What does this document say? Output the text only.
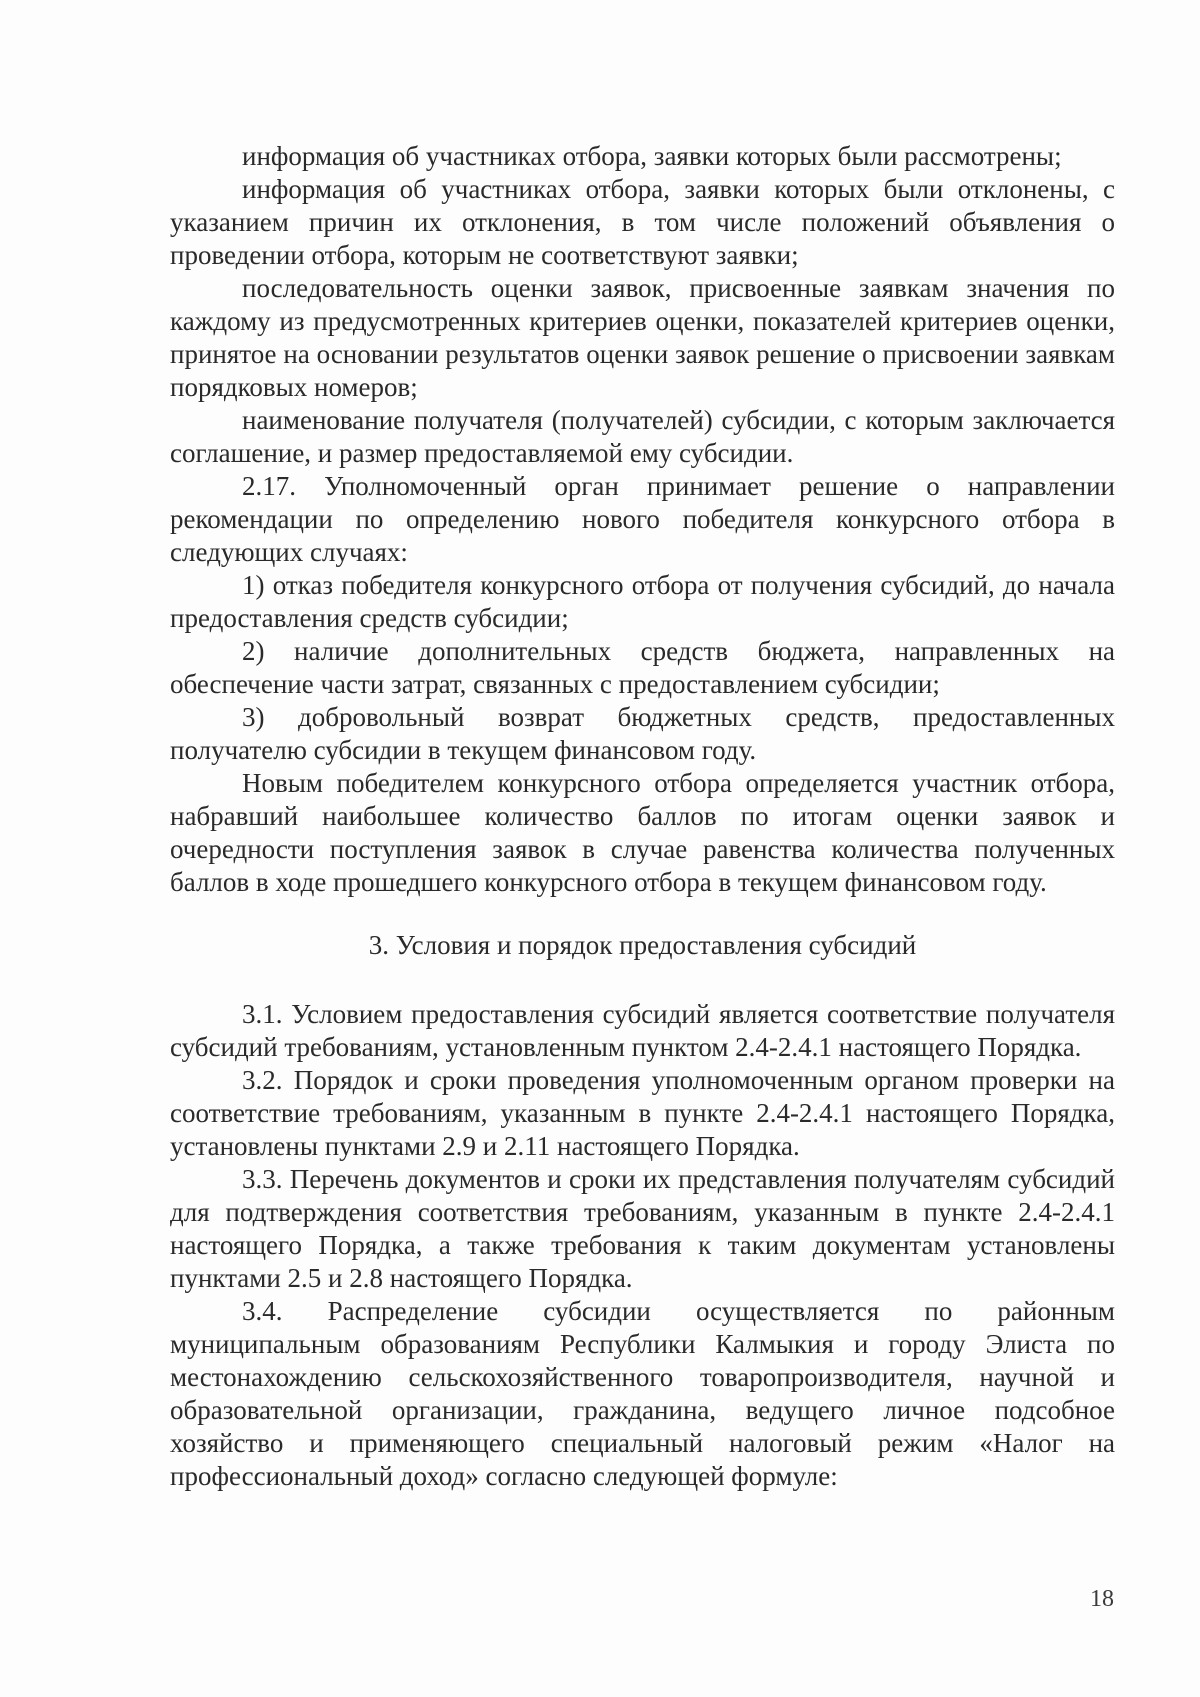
информация об участниках отбора, заявки которых были рассмотрены;

информация об участниках отбора, заявки которых были отклонены, с указанием причин их отклонения, в том числе положений объявления о проведении отбора, которым не соответствуют заявки;

последовательность оценки заявок, присвоенные заявкам значения по каждому из предусмотренных критериев оценки, показателей критериев оценки, принятое на основании результатов оценки заявок решение о присвоении заявкам порядковых номеров;

наименование получателя (получателей) субсидии, с которым заключается соглашение, и размер предоставляемой ему субсидии.

2.17. Уполномоченный орган принимает решение о направлении рекомендации по определению нового победителя конкурсного отбора в следующих случаях:

1) отказ победителя конкурсного отбора от получения субсидий, до начала предоставления средств субсидии;

2) наличие дополнительных средств бюджета, направленных на обеспечение части затрат, связанных с предоставлением субсидии;

3) добровольный возврат бюджетных средств, предоставленных получателю субсидии в текущем финансовом году.

Новым победителем конкурсного отбора определяется участник отбора, набравший наибольшее количество баллов по итогам оценки заявок и очередности поступления заявок в случае равенства количества полученных баллов в ходе прошедшего конкурсного отбора в текущем финансовом году.

3. Условия и порядок предоставления субсидий

3.1. Условием предоставления субсидий является соответствие получателя субсидий требованиям, установленным пунктом 2.4-2.4.1 настоящего Порядка.

3.2. Порядок и сроки проведения уполномоченным органом проверки на соответствие требованиям, указанным в пункте 2.4-2.4.1 настоящего Порядка, установлены пунктами 2.9 и 2.11 настоящего Порядка.

3.3. Перечень документов и сроки их представления получателям субсидий для подтверждения соответствия требованиям, указанным в пункте 2.4-2.4.1 настоящего Порядка, а также требования к таким документам установлены пунктами 2.5 и 2.8 настоящего Порядка.

3.4. Распределение субсидии осуществляется по районным муниципальным образованиям Республики Калмыкия и городу Элиста по местонахождению сельскохозяйственного товаропроизводителя, научной и образовательной организации, гражданина, ведущего личное подсобное хозяйство и применяющего специальный налоговый режим «Налог на профессиональный доход» согласно следующей формуле:

18
